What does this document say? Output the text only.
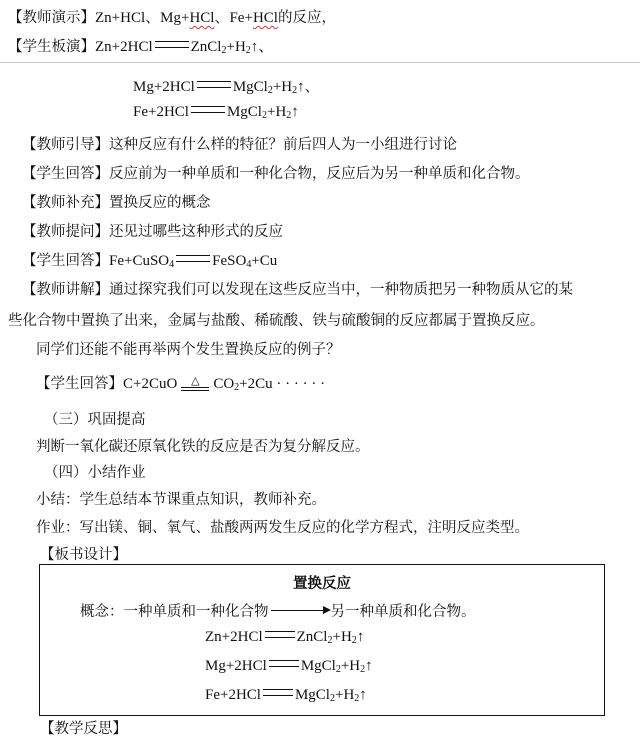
【教师演示】Zn+HCl、Mg+HCl、Fe+HCl的反应，
【学生板演】Zn+2HCl	$ZnCl_2+H_2↑$、
Mg+2HCl	$MgCl_2+H_2↑$、
Fe+2HCl	$MgCl_2+H_2↑$
【教师引导】这种反应有什么样的特征？前后四人为一小组进行讨论
【学生回答】反应前为一种单质和一种化合物，反应后为另一种单质和化合物。
【教师补充】置换反应的概念
【教师提问】还见过哪些这种形式的反应
【学生回答】Fe+CuSO$_4$	FeSO$_4$+Cu
【教师讲解】通过探究我们可以发现在这些反应当中，一种物质把另一种物质从它的某
些化合物中置换了出来，金属与盐酸、稀硫酸、铁与硫酸铜的反应都属于置换反应。
同学们还能不能再举两个发生置换反应的例子？
【学生回答】C+2CuO △ $CO_2+2Cu$ · · · · · ·
（三）巩固提高
判断一氧化碳还原氧化铁的反应是否为复分解反应。
（四）小结作业
小结：学生总结本节课重点知识，教师补充。
作业：写出镁、铜、氧气、盐酸两两发生反应的化学方程式，注明反应类型。
【板书设计】
置换反应
概念：一种单质和一种化合物 → 另一种单质和化合物。
Zn+2HCl $ZnCl_2+H_2↑$
Mg+2HCl $MgCl_2+H_2↑$
Fe+2HCl $MgCl_2+H_2↑$
【教学反思】
